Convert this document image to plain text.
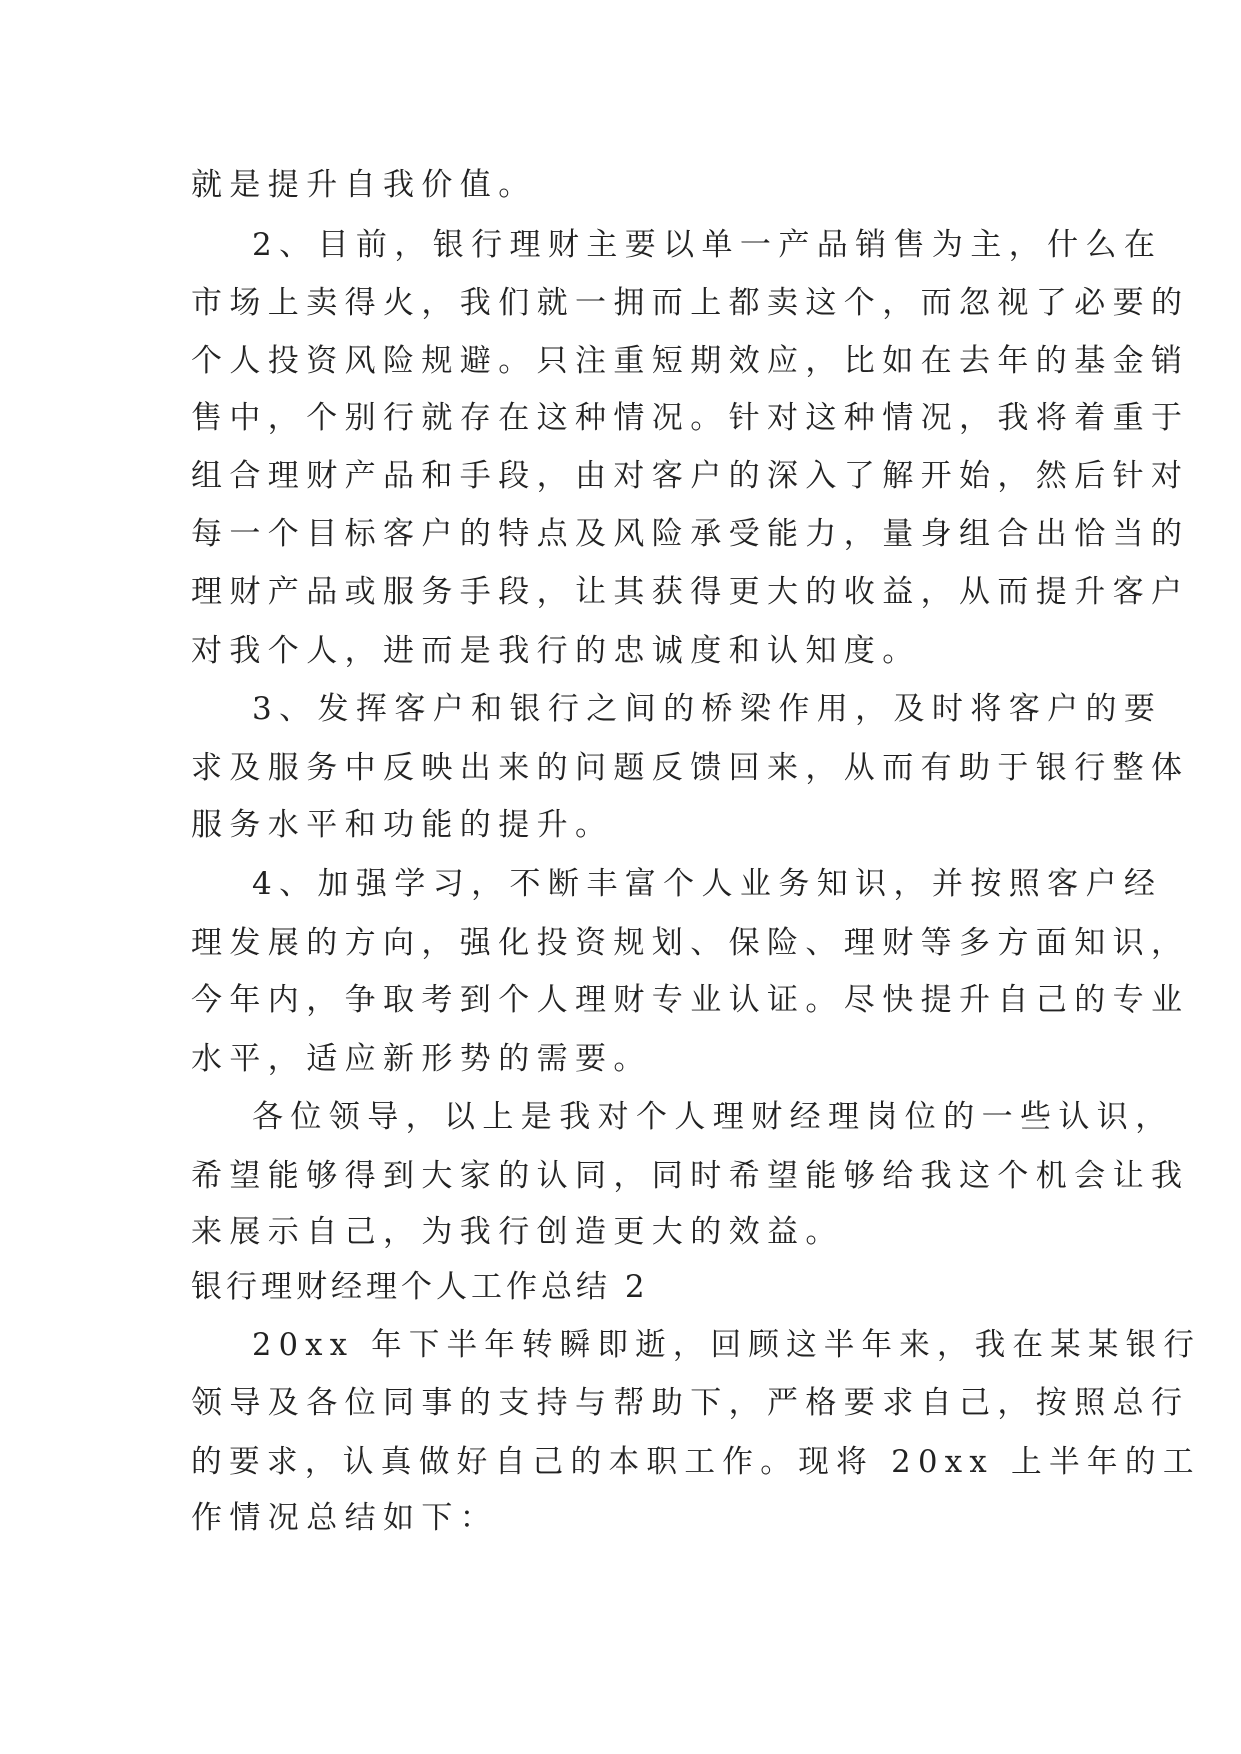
就是提升自我价值。
2、目前，银行理财主要以单一产品销售为主，什么在
市场上卖得火，我们就一拥而上都卖这个，而忽视了必要的
个人投资风险规避。只注重短期效应，比如在去年的基金销
售中，个别行就存在这种情况。针对这种情况，我将着重于
组合理财产品和手段，由对客户的深入了解开始，然后针对
每一个目标客户的特点及风险承受能力，量身组合出恰当的
理财产品或服务手段，让其获得更大的收益，从而提升客户
对我个人，进而是我行的忠诚度和认知度。
3、发挥客户和银行之间的桥梁作用，及时将客户的要
求及服务中反映出来的问题反馈回来，从而有助于银行整体
服务水平和功能的提升。
4、加强学习，不断丰富个人业务知识，并按照客户经
理发展的方向，强化投资规划、保险、理财等多方面知识，
今年内，争取考到个人理财专业认证。尽快提升自己的专业
水平，适应新形势的需要。
各位领导，以上是我对个人理财经理岗位的一些认识，
希望能够得到大家的认同，同时希望能够给我这个机会让我
来展示自己，为我行创造更大的效益。
银行理财经理个人工作总结 2
20xx 年下半年转瞬即逝，回顾这半年来，我在某某银行
领导及各位同事的支持与帮助下，严格要求自己，按照总行
的要求，认真做好自己的本职工作。现将 20xx 上半年的工
作情况总结如下：
